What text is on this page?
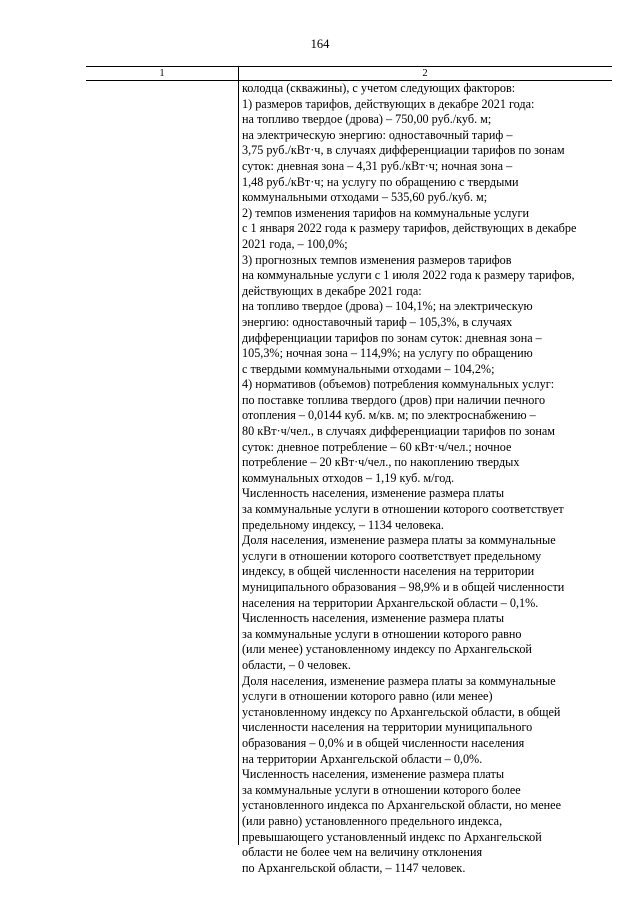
164
1	2
колодца (скважины), с учетом следующих факторов:
1) размеров тарифов, действующих в декабре 2021 года:
на топливо твердое (дрова) – 750,00 руб./куб. м;
на электрическую энергию: одноставочный тариф –
3,75 руб./кВт·ч, в случаях дифференциации тарифов по зонам
суток: дневная зона – 4,31 руб./кВт·ч; ночная зона –
1,48 руб./кВт·ч; на услугу по обращению с твердыми
коммунальными отходами – 535,60 руб./куб. м;
2) темпов изменения тарифов на коммунальные услуги
с 1 января 2022 года к размеру тарифов, действующих в декабре
2021 года, – 100,0%;
3) прогнозных темпов изменения размеров тарифов
на коммунальные услуги с 1 июля 2022 года к размеру тарифов,
действующих в декабре 2021 года:
на топливо твердое (дрова) – 104,1%; на электрическую
энергию: одноставочный тариф – 105,3%, в случаях
дифференциации тарифов по зонам суток: дневная зона –
105,3%; ночная зона – 114,9%; на услугу по обращению
с твердыми коммунальными отходами – 104,2%;
4) нормативов (объемов) потребления коммунальных услуг:
по поставке топлива твердого (дров) при наличии печного
отопления – 0,0144 куб. м/кв. м; по электроснабжению –
80 кВт·ч/чел., в случаях дифференциации тарифов по зонам
суток: дневное потребление – 60 кВт·ч/чел.; ночное
потребление – 20 кВт·ч/чел., по накоплению твердых
коммунальных отходов – 1,19 куб. м/год.
Численность населения, изменение размера платы
за коммунальные услуги в отношении которого соответствует
предельному индексу, – 1134 человека.
Доля населения, изменение размера платы за коммунальные
услуги в отношении которого соответствует предельному
индексу, в общей численности населения на территории
муниципального образования – 98,9% и в общей численности
населения на территории Архангельской области – 0,1%.
Численность населения, изменение размера платы
за коммунальные услуги в отношении которого равно
(или менее) установленному индексу по Архангельской
области, – 0 человек.
Доля населения, изменение размера платы за коммунальные
услуги в отношении которого равно (или менее)
установленному индексу по Архангельской области, в общей
численности населения на территории муниципального
образования – 0,0% и в общей численности населения
на территории Архангельской области – 0,0%.
Численность населения, изменение размера платы
за коммунальные услуги в отношении которого более
установленного индекса по Архангельской области, но менее
(или равно) установленного предельного индекса,
превышающего установленный индекс по Архангельской
области не более чем на величину отклонения
по Архангельской области, – 1147 человек.
